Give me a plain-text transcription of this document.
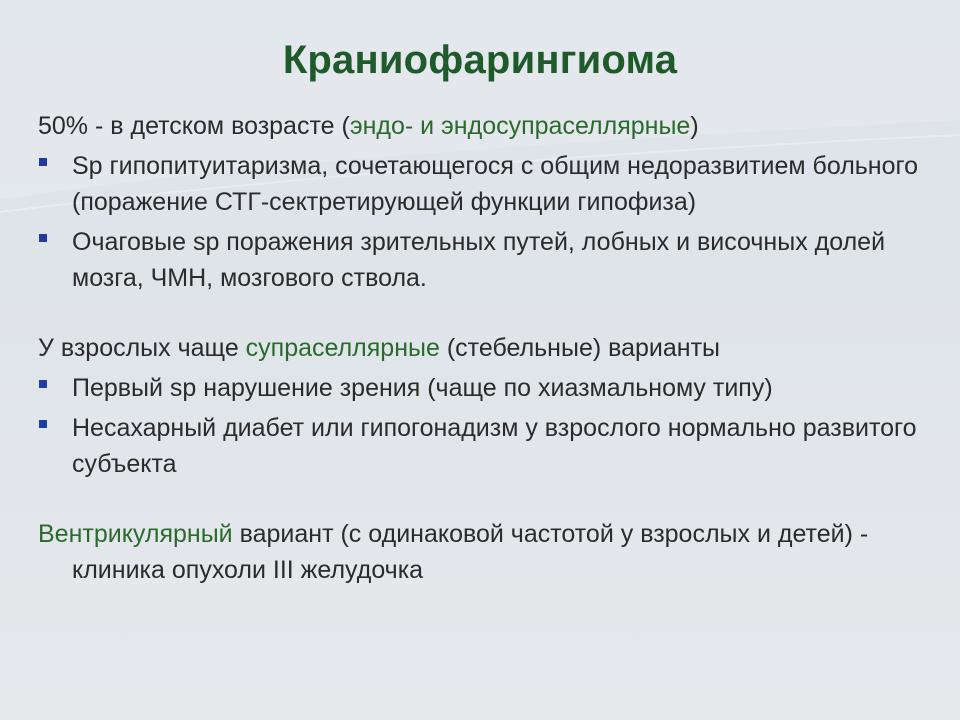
Краниофарингиома

50% - в детском возрасте (эндо- и эндосупраселлярные)

Sp гипопитуитаризма, сочетающегося с общим недоразвитием больного (поражение СТГ-сектретирующей функции гипофиза)

Очаговые sp поражения зрительных путей, лобных и височных долей мозга, ЧМН, мозгового ствола.

У взрослых чаще супраселлярные (стебельные) варианты

Первый sp нарушение зрения (чаще по хиазмальному типу)

Несахарный диабет или гипогонадизм у взрослого нормально развитого субъекта

Вентрикулярный вариант (с одинаковой частотой у взрослых и детей) - клиника опухоли III желудочка
